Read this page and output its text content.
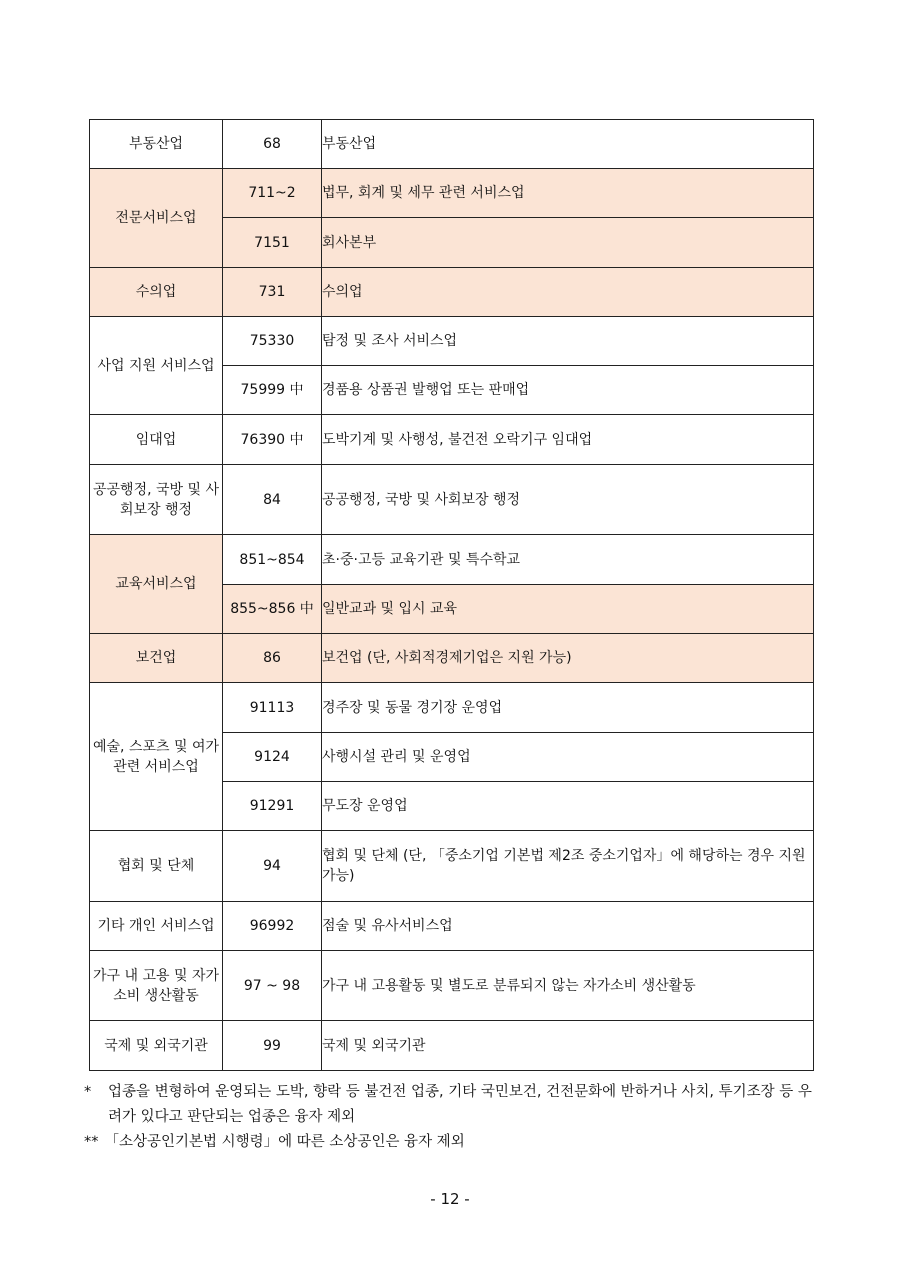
부동산업	68	부동산업
전문서비스업	711~2	법무, 회계 및 세무 관련 서비스업
	7151	회사본부
수의업	731	수의업
사업 지원 서비스업	75330	탐정 및 조사 서비스업
	75999 中	경품용 상품권 발행업 또는 판매업
임대업	76390 中	도박기계 및 사행성, 불건전 오락기구 임대업
공공행정, 국방 및 사회보장 행정	84	공공행정, 국방 및 사회보장 행정
교육서비스업	851~854	초·중·고등 교육기관 및 특수학교
	855~856 中	일반교과 및 입시 교육
보건업	86	보건업 (단, 사회적경제기업은 지원 가능)
예술, 스포츠 및 여가관련 서비스업	91113	경주장 및 동물 경기장 운영업
	9124	사행시설 관리 및 운영업
	91291	무도장 운영업
협회 및 단체	94	협회 및 단체 (단, 「중소기업 기본법 제2조 중소기업자」에 해당하는 경우 지원가능)
기타 개인 서비스업	96992	점술 및 유사서비스업
가구 내 고용 및 자가소비 생산활동	97 ~ 98	가구 내 고용활동 및 별도로 분류되지 않는 자가소비 생산활동
국제 및 외국기관	99	국제 및 외국기관
* 업종을 변형하여 운영되는 도박, 향락 등 불건전 업종, 기타 국민보건, 건전문화에 반하거나 사치, 투기조장 등 우려가 있다고 판단되는 업종은 융자 제외
** 「소상공인기본법 시행령」에 따른 소상공인은 융자 제외
- 12 -
